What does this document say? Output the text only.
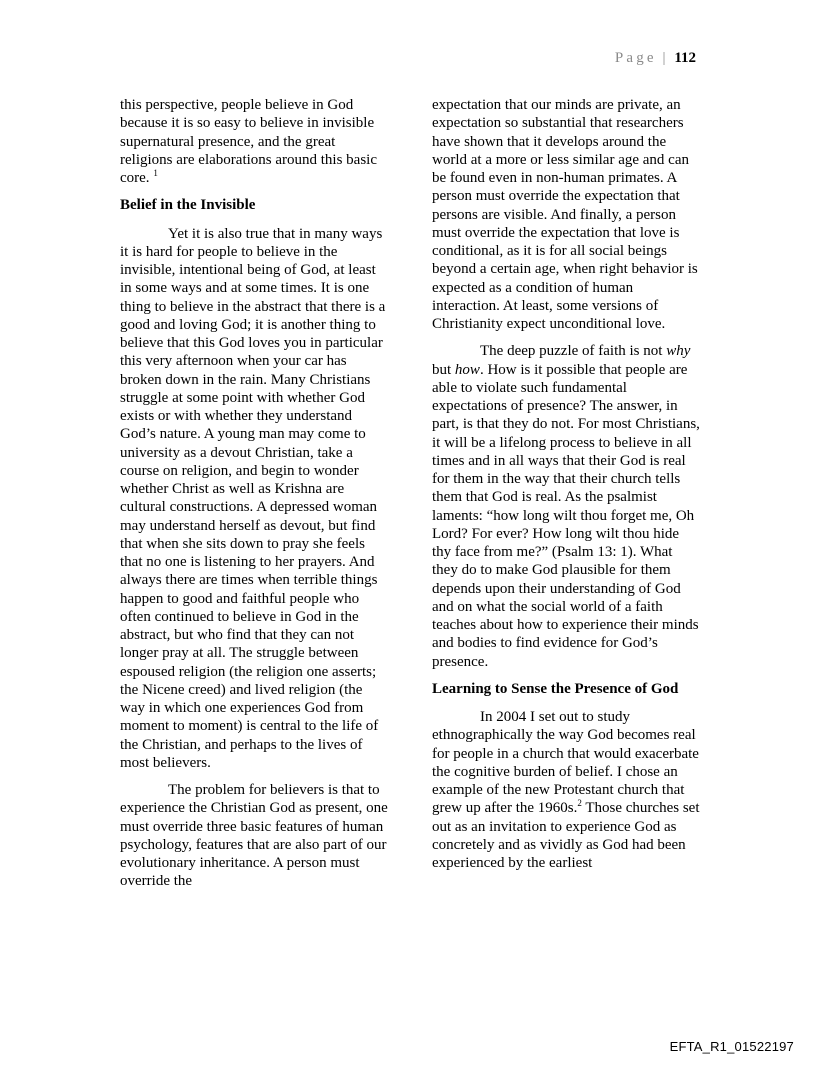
Page | 112

this perspective, people believe in God because it is so easy to believe in invisible supernatural presence, and the great religions are elaborations around this basic core. $^1$

Belief in the Invisible

Yet it is also true that in many ways it is hard for people to believe in the invisible, intentional being of God, at least in some ways and at some times. It is one thing to believe in the abstract that there is a good and loving God; it is another thing to believe that this God loves you in particular this very afternoon when your car has broken down in the rain. Many Christians struggle at some point with whether God exists or with whether they understand God’s nature. A young man may come to university as a devout Christian, take a course on religion, and begin to wonder whether Christ as well as Krishna are cultural constructions. A depressed woman may understand herself as devout, but find that when she sits down to pray she feels that no one is listening to her prayers. And always there are times when terrible things happen to good and faithful people who often continued to believe in God in the abstract, but who find that they can not longer pray at all. The struggle between espoused religion (the religion one asserts; the Nicene creed) and lived religion (the way in which one experiences God from moment to moment) is central to the life of the Christian, and perhaps to the lives of most believers.

The problem for believers is that to experience the Christian God as present, one must override three basic features of human psychology, features that are also part of our evolutionary inheritance. A person must override the

expectation that our minds are private, an expectation so substantial that researchers have shown that it develops around the world at a more or less similar age and can be found even in non-human primates. A person must override the expectation that persons are visible. And finally, a person must override the expectation that love is conditional, as it is for all social beings beyond a certain age, when right behavior is expected as a condition of human interaction. At least, some versions of Christianity expect unconditional love.

The deep puzzle of faith is not why but how. How is it possible that people are able to violate such fundamental expectations of presence? The answer, in part, is that they do not. For most Christians, it will be a lifelong process to believe in all times and in all ways that their God is real for them in the way that their church tells them that God is real. As the psalmist laments: “how long wilt thou forget me, Oh Lord? For ever? How long wilt thou hide thy face from me?” (Psalm 13: 1). What they do to make God plausible for them depends upon their understanding of God and on what the social world of a faith teaches about how to experience their minds and bodies to find evidence for God’s presence.

Learning to Sense the Presence of God

In 2004 I set out to study ethnographically the way God becomes real for people in a church that would exacerbate the cognitive burden of belief. I chose an example of the new Protestant church that grew up after the 1960s.$^2$ Those churches set out as an invitation to experience God as concretely and as vividly as God had been experienced by the earliest

EFTA_R1_01522197
